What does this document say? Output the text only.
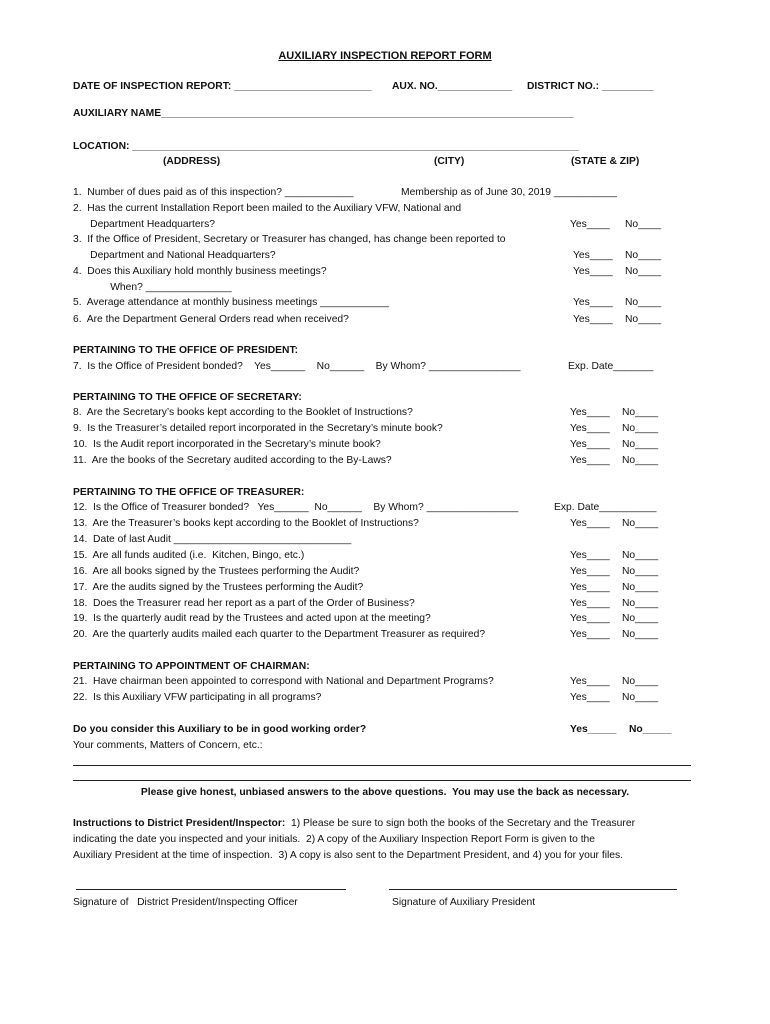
AUXILIARY INSPECTION REPORT FORM
DATE OF INSPECTION REPORT: ________________________ AUX. NO._____________ DISTRICT NO.: _________
AUXILIARY NAME________________________________________________________________________
LOCATION: ______________________________________________________________________________
(ADDRESS)	(CITY)	(STATE & ZIP)
1.  Number of dues paid as of this inspection? ____________	Membership as of June 30, 2019 ___________
2.  Has the current Installation Report been mailed to the Auxiliary VFW, National and
Department Headquarters?	Yes____ No____
3.  If the Office of President, Secretary or Treasurer has changed, has change been reported to
Department and National Headquarters?	Yes____ No____
4.  Does this Auxiliary hold monthly business meetings?	Yes____ No____
When? _______________
5.  Average attendance at monthly business meetings ____________	Yes____ No____
6.  Are the Department General Orders read when received?	Yes____ No____
PERTAINING TO THE OFFICE OF PRESIDENT:
7.  Is the Office of President bonded?    Yes______    No______    By Whom? ________________	Exp. Date_______
PERTAINING TO THE OFFICE OF SECRETARY:
8.  Are the Secretary’s books kept according to the Booklet of Instructions?	Yes____ No____
9.  Is the Treasurer’s detailed report incorporated in the Secretary’s minute book?	Yes____ No____
10.  Is the Audit report incorporated in the Secretary’s minute book?	Yes____ No____
11.  Are the books of the Secretary audited according to the By-Laws?	Yes____ No____
PERTAINING TO THE OFFICE OF TREASURER:
12.  Is the Office of Treasurer bonded?   Yes______  No______    By Whom? ________________	Exp. Date__________
13.  Are the Treasurer’s books kept according to the Booklet of Instructions?	Yes____ No____
14.  Date of last Audit _______________________________
15.  Are all funds audited (i.e.  Kitchen, Bingo, etc.)	Yes____ No____
16.  Are all books signed by the Trustees performing the Audit?	Yes____ No____
17.  Are the audits signed by the Trustees performing the Audit?	Yes____ No____
18.  Does the Treasurer read her report as a part of the Order of Business?	Yes____ No____
19.  Is the quarterly audit read by the Trustees and acted upon at the meeting?	Yes____ No____
20.  Are the quarterly audits mailed each quarter to the Department Treasurer as required?	Yes____ No____
PERTAINING TO APPOINTMENT OF CHAIRMAN:
21.  Have chairman been appointed to correspond with National and Department Programs?	Yes____ No____
22.  Is this Auxiliary VFW participating in all programs?	Yes____ No____
Do you consider this Auxiliary to be in good working order?	Yes_____ No_____
Your comments, Matters of Concern, etc.:
Please give honest, unbiased answers to the above questions.  You may use the back as necessary.
Instructions to District President/Inspector:  1) Please be sure to sign both the books of the Secretary and the Treasurer
indicating the date you inspected and your initials.  2) A copy of the Auxiliary Inspection Report Form is given to the
Auxiliary President at the time of inspection.  3) A copy is also sent to the Department President, and 4) you for your files.
Signature of   District President/Inspecting Officer	Signature of Auxiliary President
